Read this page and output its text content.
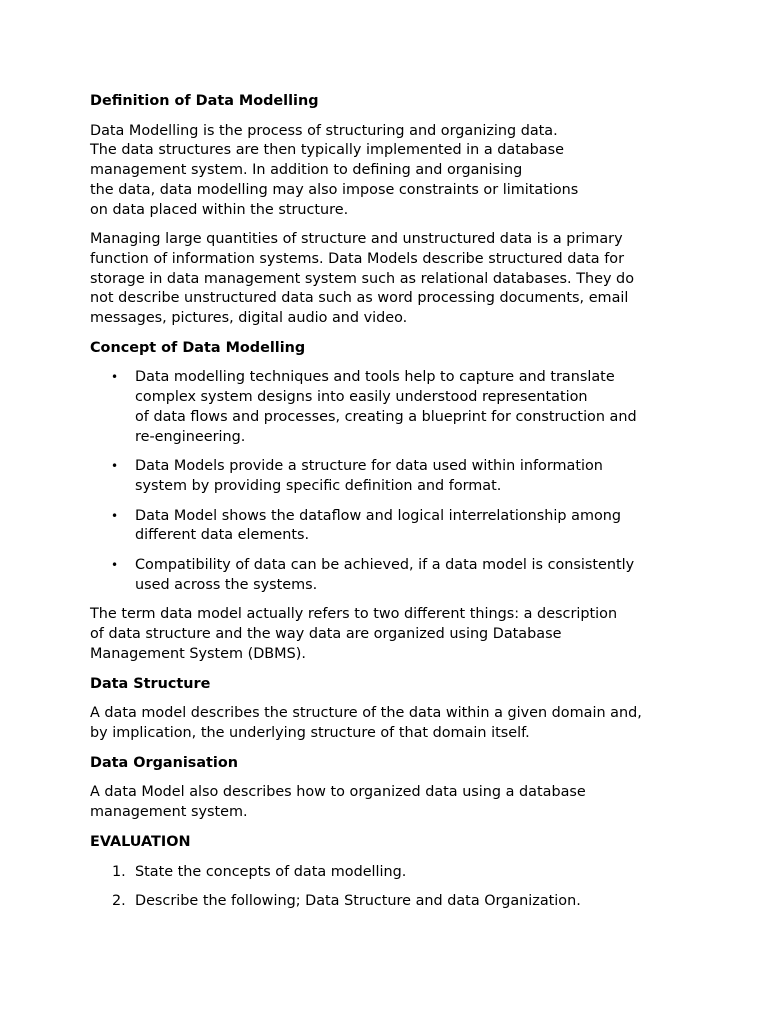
Definition of Data Modelling
Data Modelling is the process of structuring and organizing data.
The data structures are then typically implemented in a database
management system. In addition to defining and organising
the data, data modelling may also impose constraints or limitations
on data placed within the structure.
Managing large quantities of structure and unstructured data is a primary
function of information systems. Data Models describe structured data for
storage in data management system such as relational databases. They do
not describe unstructured data such as word processing documents, email
messages, pictures, digital audio and video.
Concept of Data Modelling
• Data modelling techniques and tools help to capture and translate
complex system designs into easily understood representation
of data flows and processes, creating a blueprint for construction and
re-engineering.
• Data Models provide a structure for data used within information
system by providing specific definition and format.
• Data Model shows the dataflow and logical interrelationship among
different data elements.
• Compatibility of data can be achieved, if a data model is consistently
used across the systems.
The term data model actually refers to two different things: a description
of data structure and the way data are organized using Database
Management System (DBMS).
Data Structure
A data model describes the structure of the data within a given domain and,
by implication, the underlying structure of that domain itself.
Data Organisation
A data Model also describes how to organized data using a database
management system.
EVALUATION
1. State the concepts of data modelling.
2. Describe the following; Data Structure and data Organization.
